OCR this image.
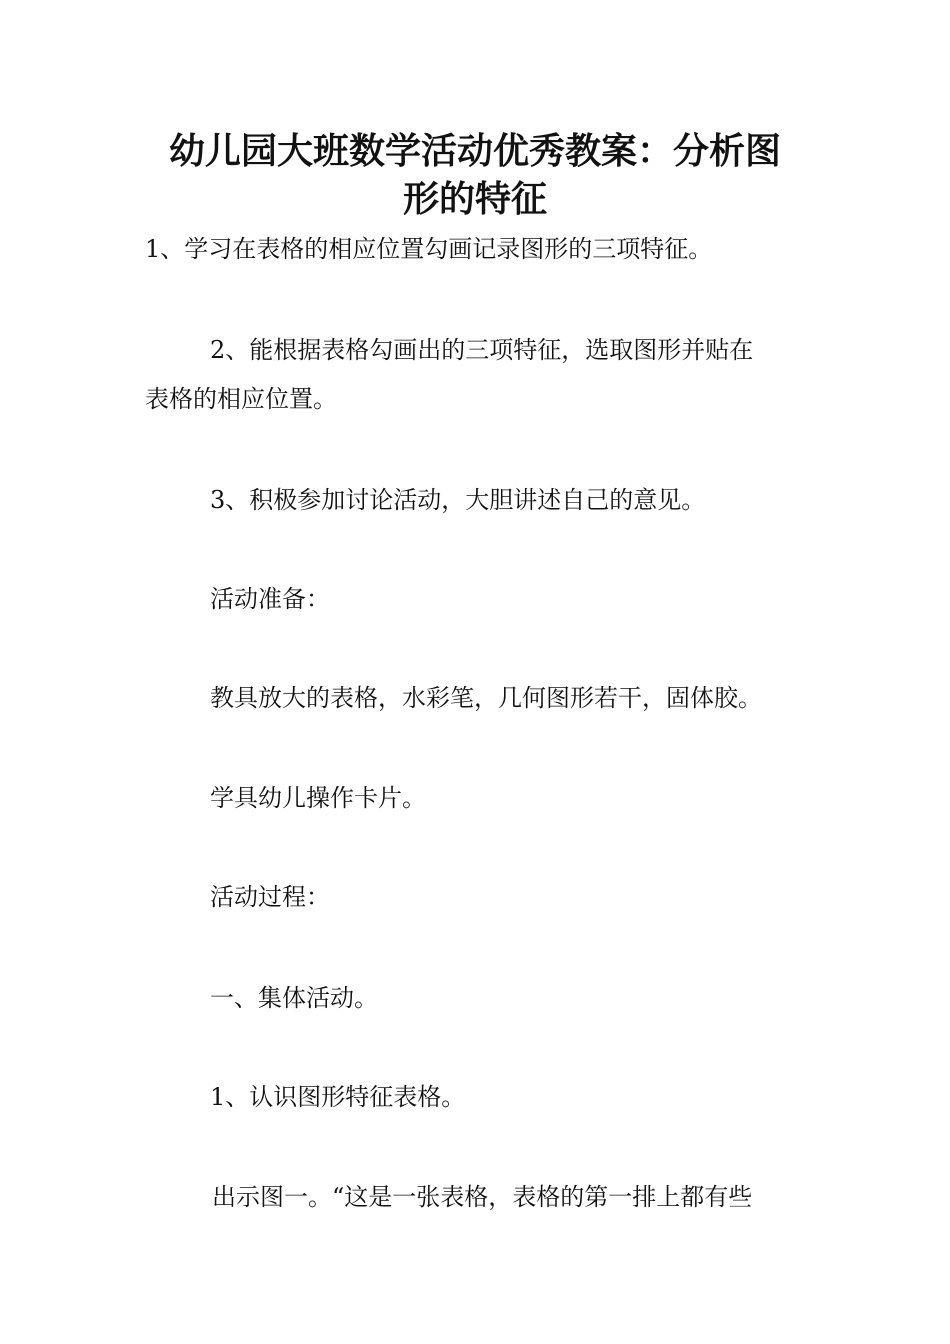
幼儿园大班数学活动优秀教案：分析图
形的特征

1、学习在表格的相应位置勾画记录图形的三项特征。

2、能根据表格勾画出的三项特征，选取图形并贴在

表格的相应位置。

3、积极参加讨论活动，大胆讲述自己的意见。

活动准备：

教具放大的表格，水彩笔，几何图形若干，固体胶。

学具幼儿操作卡片。

活动过程：

一、集体活动。

1、认识图形特征表格。

出示图一。“这是一张表格，表格的第一排上都有些
